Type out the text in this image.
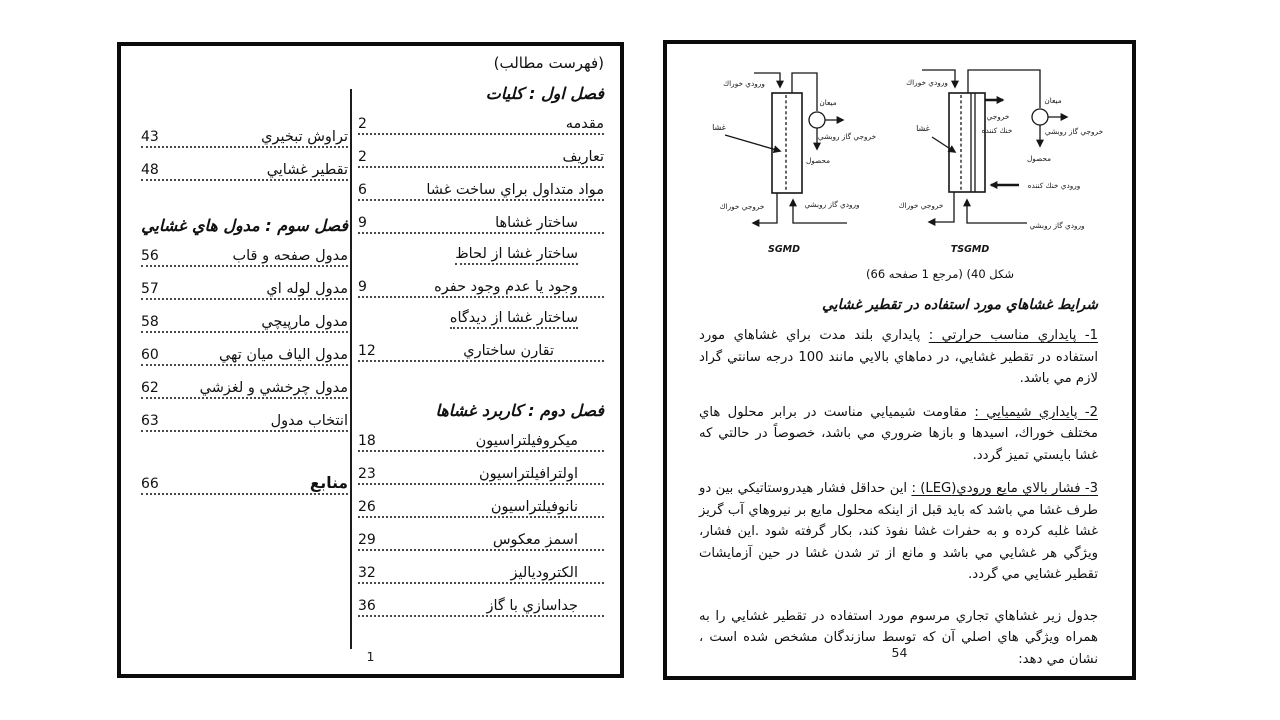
(فهرست مطالب)
فصل اول : كليات
مقدمه
2
تعاريف
2
مواد متداول براي ساخت غشا
6
ساختار غشاها
9
ساختار غشا از لحاظ
وجود يا عدم وجود حفره
9
ساختار غشا از ديدگاه
تقارن ساختاري
12
فصل دوم : كاربرد غشاها
ميكروفيلتراسيون
18
اولترافيلتراسيون
23
نانوفيلتراسيون
26
اسمز معكوس
29
الكترودياليز
32
جداسازي با گاز
36
تراوش تبخيري
43
تقطير غشايي
48
فصل سوم : مدول هاي غشايي
مدول صفحه و قاب
56
مدول لوله اي
57
مدول مارپيچي
58
مدول الياف ميان تهي
60
مدول چرخشي و لغزشي
62
انتخاب مدول
63
منابع
66
1
ورودي خوراك
غشا
ميعان
خروجي گاز روبشي
محصول
خروجي خوراك	ورودي گاز روبشي
SGMD
ورودي خوراك
غشا
ميعان
خروجي
خنك كننده	خروجي گاز روبشي
محصول
ورودي خنك كننده
خروجي خوراك
ورودي گاز روبشي
TSGMD
شكل 40) (مرجع 1 صفحه 66)
شرايط غشاهاي مورد استفاده در تقطير غشايي

1- پايداري مناسب حرارتي : پايداري بلند مدت براي غشاهاي مورد استفاده در تقطير غشايي، در دماهاي بالايي مانند 100 درجه سانتي گراد لازم مي باشد.

2- پايداري شيميايي : مقاومت شيميايي مناست در برابر محلول هاي مختلف خوراك، اسيدها و بازها ضروري مي باشد، خصوصاً در حالتي كه غشا بايستي تميز گردد.

3- فشار بالاي مايع ورودي(LEG) : اين حداقل فشار هيدروستاتيكي بين دو طرف غشا مي باشد كه بايد قبل از اينكه محلول مايع بر نيروهاي آب گريز غشا غلبه كرده و به حفرات غشا نفوذ كند، بكار گرفته شود .اين فشار، ويژگي هر غشايي مي باشد و مانع از تر شدن غشا در حين آزمايشات تقطير غشايي مي گردد.

جدول زير غشاهاي تجاري مرسوم مورد استفاده در تقطير غشايي را به همراه ويژگي هاي اصلي آن كه توسط سازندگان مشخص شده است ، نشان مي دهد:

54
